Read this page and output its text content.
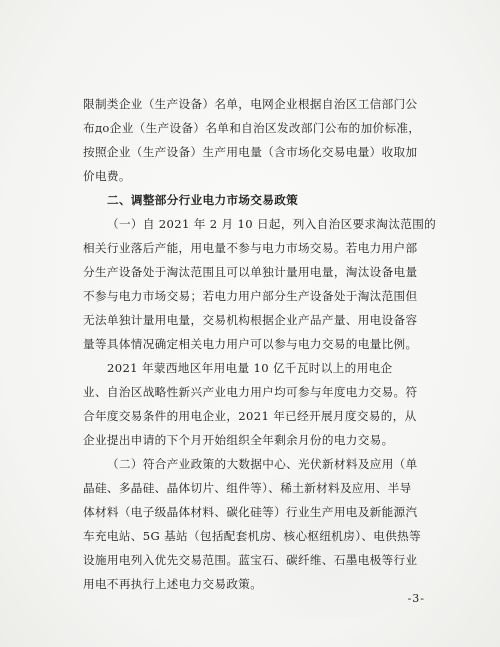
限制类企业（生产设备）名单，电网企业根据自治区工信部门公
布до企业（生产设备）名单和自治区发改部门公布的加价标准，
按照企业（生产设备）生产用电量（含市场化交易电量）收取加
价电费。
二、调整部分行业电力市场交易政策
（一）自 2021 年 2 月 10 日起，列入自治区要求淘汰范围的
相关行业落后产能，用电量不参与电力市场交易。若电力用户部
分生产设备处于淘汰范围且可以单独计量用电量，淘汰设备电量
不参与电力市场交易；若电力用户部分生产设备处于淘汰范围但
无法单独计量用电量，交易机构根据企业产品产量、用电设备容
量等具体情况确定相关电力用户可以参与电力交易的电量比例。
2021 年蒙西地区年用电量 10 亿千瓦时以上的用电企
业、自治区战略性新兴产业电力用户均可参与年度电力交易。符
合年度交易条件的用电企业，2021 年已经开展月度交易的，从
企业提出申请的下个月开始组织全年剩余月份的电力交易。
（二）符合产业政策的大数据中心、光伏新材料及应用（单
晶硅、多晶硅、晶体切片、组件等）、稀土新材料及应用、半导
体材料（电子级晶体材料、碳化硅等）行业生产用电及新能源汽
车充电站、5G 基站（包括配套机房、核心枢纽机房）、电供热等
设施用电列入优先交易范围。蓝宝石、碳纤维、石墨电极等行业
用电不再执行上述电力交易政策。
-3-
